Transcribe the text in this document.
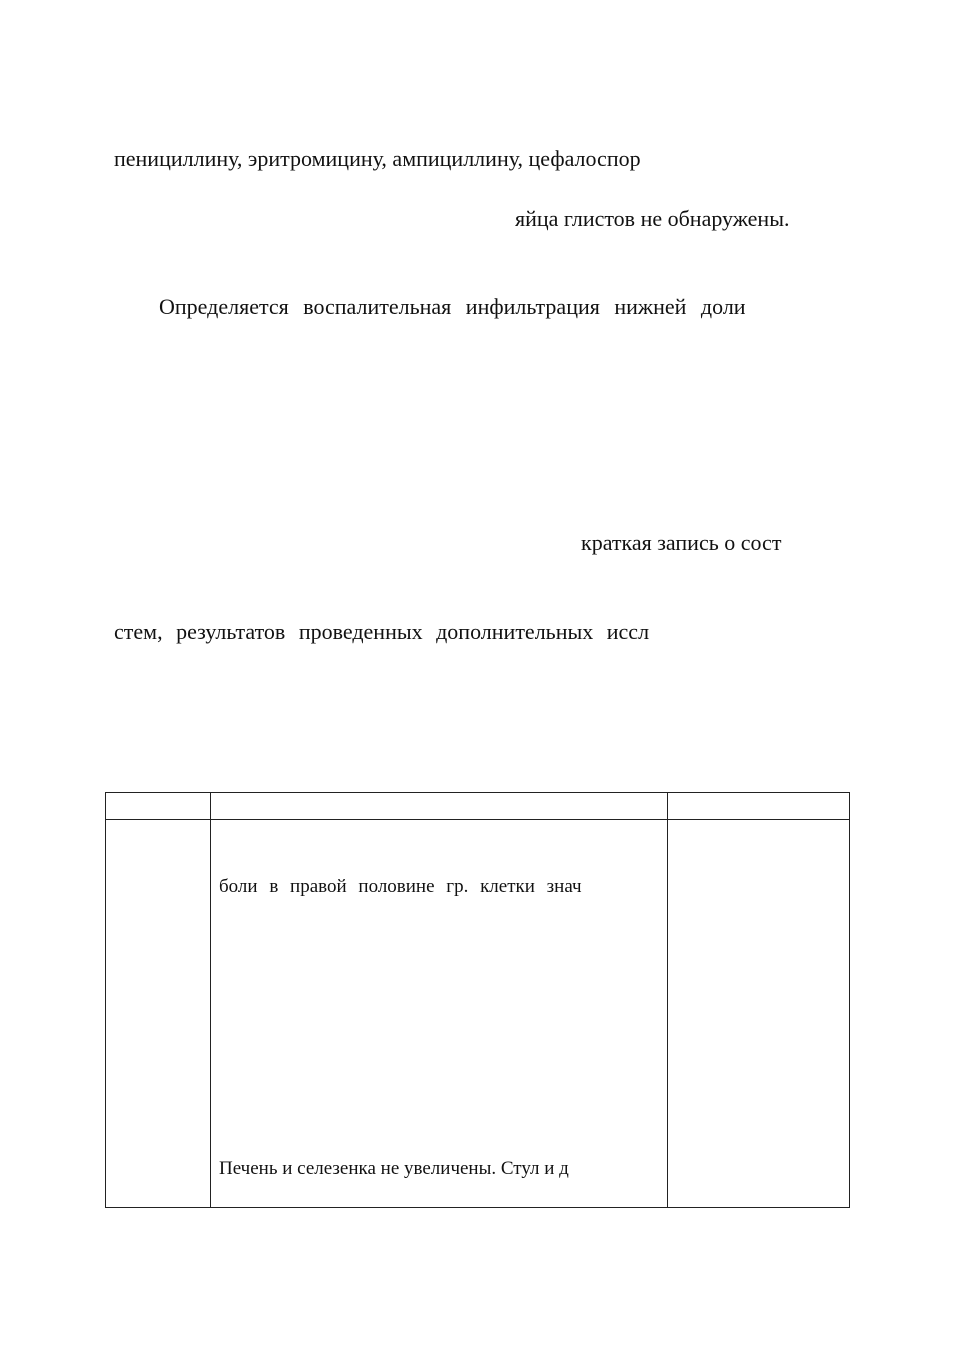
пенициллину, эритромицину, ампициллину, цефалоспор
яйца глистов не обнаружены.
Определяется воспалительная инфильтрация нижней доли
краткая запись о сост
стем, результатов проведенных дополнительных иссл
боли в правой половине гр. клетки знач
Печень и селезенка не увеличены. Стул и д
